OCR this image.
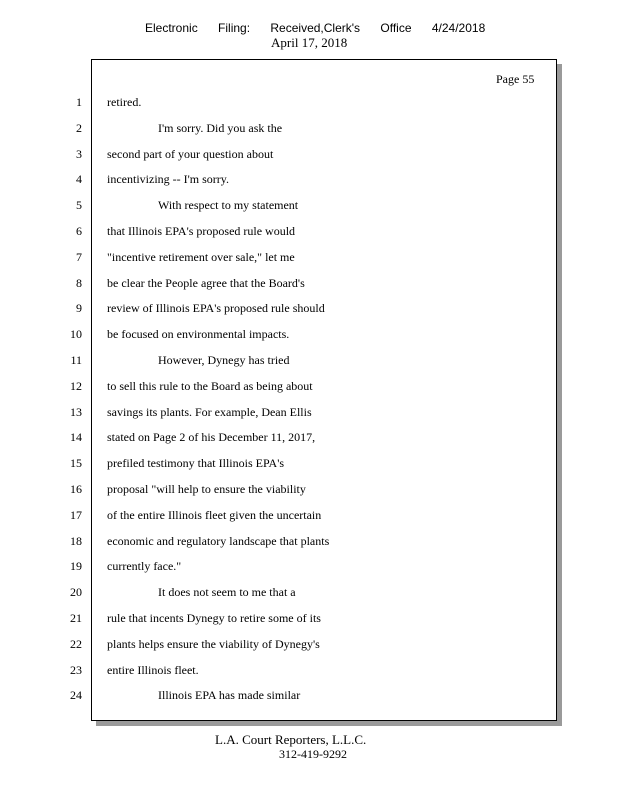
Electronic Filing: Received,Clerk's Office 4/24/2018
April 17, 2018
Page 55
1
2
3
4
5
6
7
8
9
10
11
12
13
14
15
16
17
18
19
20
21
22
23
24
retired.
I'm sorry. Did you ask the
second part of your question about
incentivizing -- I'm sorry.
With respect to my statement
that Illinois EPA's proposed rule would
"incentive retirement over sale," let me
be clear the People agree that the Board's
review of Illinois EPA's proposed rule should
be focused on environmental impacts.
However, Dynegy has tried
to sell this rule to the Board as being about
savings its plants. For example, Dean Ellis
stated on Page 2 of his December 11, 2017,
prefiled testimony that Illinois EPA's
proposal "will help to ensure the viability
of the entire Illinois fleet given the uncertain
economic and regulatory landscape that plants
currently face."
It does not seem to me that a
rule that incents Dynegy to retire some of its
plants helps ensure the viability of Dynegy's
entire Illinois fleet.
Illinois EPA has made similar
L.A. Court Reporters, L.L.C.
312-419-9292
